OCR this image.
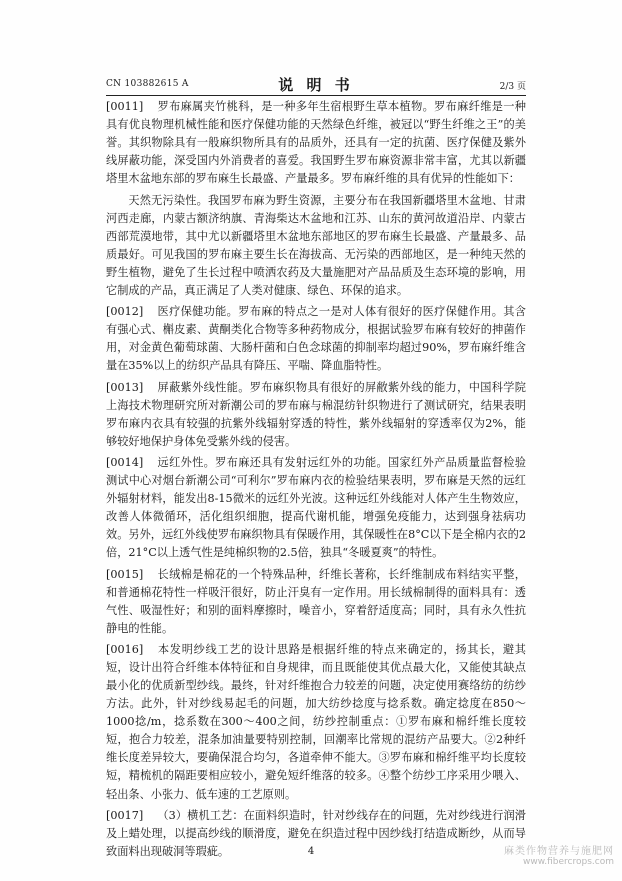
CN 103882615 A	说 明 书	2/3 页

[0011] 罗布麻属夹竹桃科，是一种多年生宿根野生草本植物。罗布麻纤维是一种具有优良物理机械性能和医疗保健功能的天然绿色纤维，被冠以“野生纤维之王”的美誉。其织物除具有一般麻织物所具有的品质外，还具有一定的抗菌、医疗保健及紫外线屏蔽功能，深受国内外消费者的喜爱。我国野生罗布麻资源非常丰富，尤其以新疆塔里木盆地东部的罗布麻生长最盛、产量最多。罗布麻纤维的具有优异的性能如下：

天然无污染性。我国罗布麻为野生资源，主要分布在我国新疆塔里木盆地、甘肃河西走廊，内蒙古额济纳旗、青海柴达木盆地和江苏、山东的黄河故道沿岸、内蒙古西部荒漠地带，其中尤以新疆塔里木盆地东部地区的罗布麻生长最盛、产量最多、品质最好。可见我国的罗布麻主要生长在海拔高、无污染的西部地区，是一种纯天然的野生植物，避免了生长过程中喷洒农药及大量施肥对产品品质及生态环境的影响，用它制成的产品，真正满足了人类对健康、绿色、环保的追求。

[0012] 医疗保健功能。罗布麻的特点之一是对人体有很好的医疗保健作用。其含有强心式、槲皮素、黄酮类化合物等多种药物成分，根据试验罗布麻有较好的抻菌作用，对金黄色葡萄球菌、大肠杆菌和白色念球菌的抑制率均超过90%，罗布麻纤维含量在35%以上的纺织产品具有降压、平喘、降血脂特性。

[0013] 屏蔽紫外线性能。罗布麻织物具有很好的屏敝紫外线的能力，中国科学院上海技术物理研究所对新潮公司的罗布麻与棉混纺针织物进行了测试研究，结果表明罗布麻内衣具有较强的抗紫外线辐射穿透的特性，紫外线辐射的穿透率仅为2%，能够较好地保护身体免受紫外线的侵害。

[0014] 远红外性。罗布麻还具有发射远红外的功能。国家红外产品质量监督检验测试中心对烟台新潮公司“可利尔”罗布麻内衣的检验结果表明，罗布麻是天然的远红外辐射材料，能发出8-15微米的远红外光波。这种远红外线能对人体产生生物效应，改善人体微循环，活化组织细胞，提高代谢机能，增强免疫能力，达到强身祛病功效。另外，远红外线使罗布麻织物具有保暖作用，其保暖性在8°C以下是全棉内衣的2倍，21°C以上透气性是纯棉织物的2.5倍，独具“冬暖夏爽”的特性。

[0015] 长绒棉是棉花的一个特殊品种，纤维长著称，长纤维制成布料结实平整，和普通棉花特性一样吸汗很好，防止汗臭有一定作用。用长绒棉制得的面料具有：透气性、吸湿性好；和别的面料摩擦时，噪音小，穿着舒适度高；同时，具有永久性抗静电的性能。

[0016] 本发明纱线工艺的设计思路是根据纤维的特点来确定的，扬其长，避其短，设计出符合纤维本体特征和自身规律，而且既能使其优点最大化，又能使其缺点最小化的优质新型纱线。最终，针对纤维抱合力较差的问题，决定使用赛络纺的纺纱方法。此外，针对纱线易起毛的问题，加大纺纱捻度与捻系数。确定捻度在850～1000捻/m，捻系数在300～400之间，纺纱控制重点：①罗布麻和棉纤维长度较短，抱合力较差，混条加油量要特别控制，回潮率比常规的混纺产品要大。②2种纤维长度差异较大，要确保混合均匀，各道牵伸不能大。③罗布麻和棉纤维平均长度较短，精梳机的隔距要相应较小，避免短纤维落的较多。④整个纺纱工序采用少喂入、轻出条、小张力、低车速的工艺原则。

[0017] （3）横机工艺：在面料织造时，针对纱线存在的问题，先对纱线进行润滑及上蜡处理，以提高纱线的顺滑度，避免在织造过程中因纱线打结造成断纱，从而导致面料出现破洞等瑕疵。	4	麻类作物营养与施肥网
www.fibercrops.com
